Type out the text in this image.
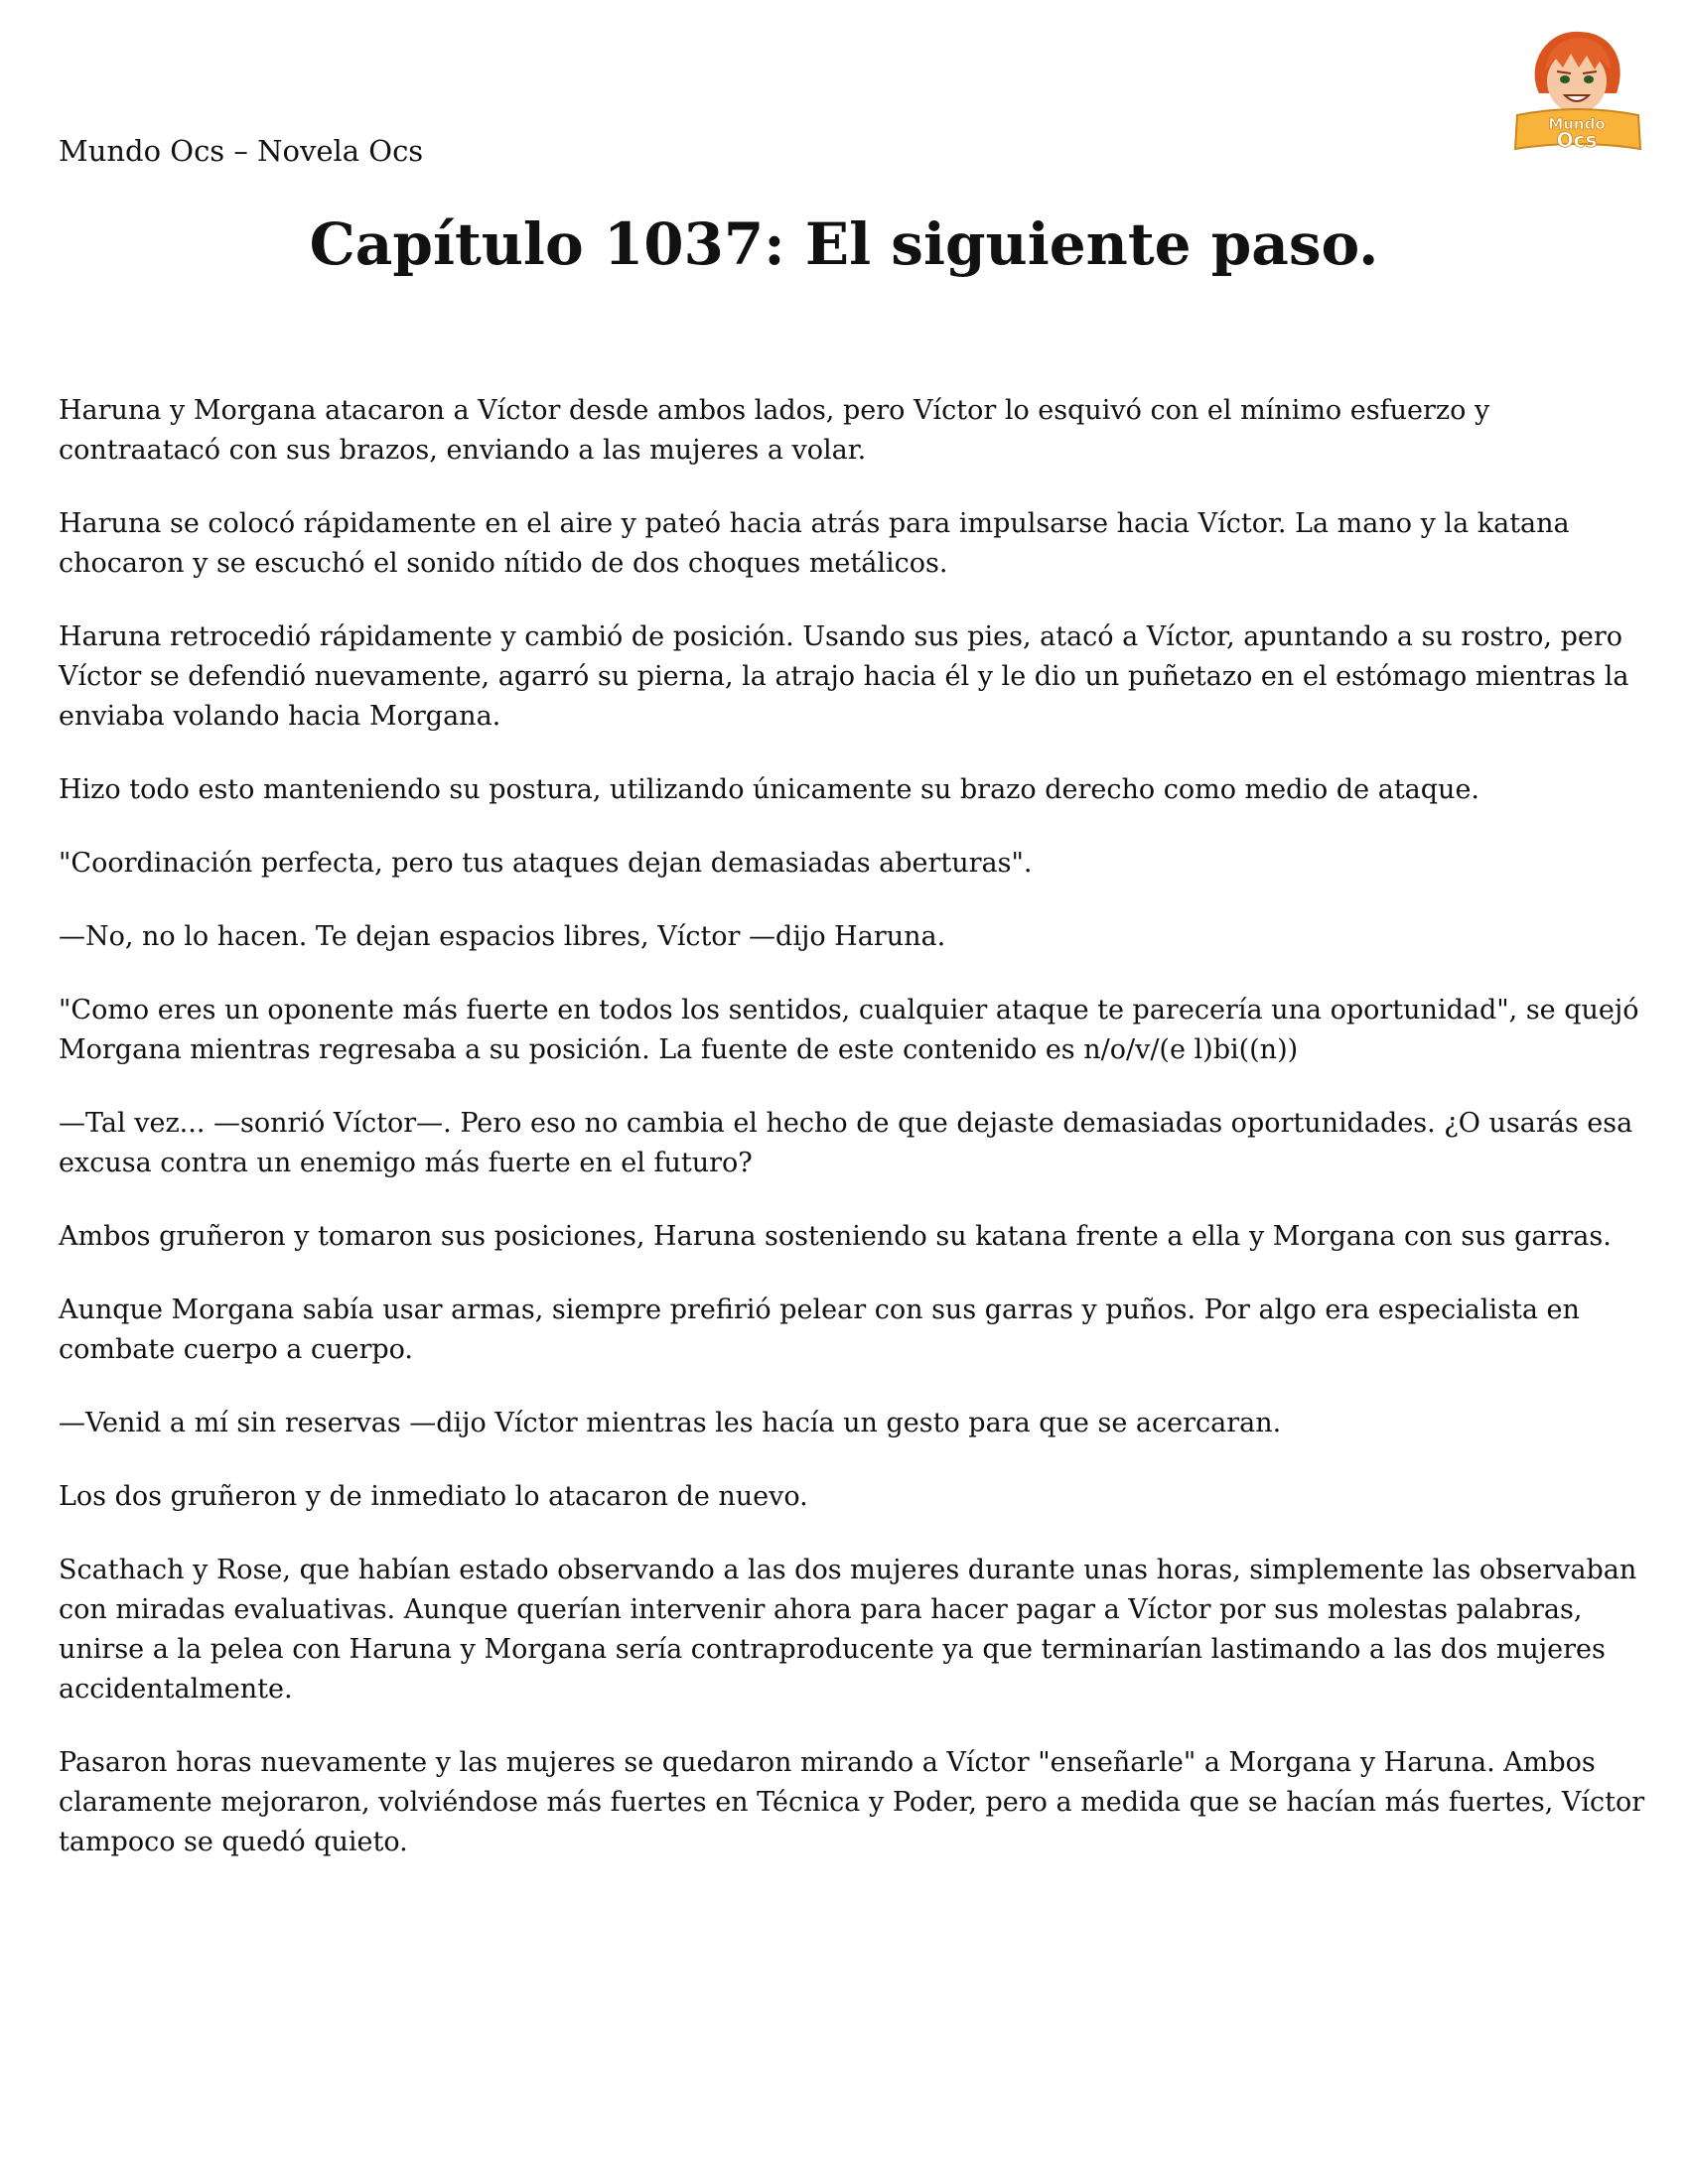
Mundo Ocs – Novela Ocs
Mundo
Ocs
Capítulo 1037: El siguiente paso.

Haruna y Morgana atacaron a Víctor desde ambos lados, pero Víctor lo esquivó con el mínimo esfuerzo y contraatacó con sus brazos, enviando a las mujeres a volar.

Haruna se colocó rápidamente en el aire y pateó hacia atrás para impulsarse hacia Víctor. La mano y la katana chocaron y se escuchó el sonido nítido de dos choques metálicos.

Haruna retrocedió rápidamente y cambió de posición. Usando sus pies, atacó a Víctor, apuntando a su rostro, pero Víctor se defendió nuevamente, agarró su pierna, la atrajo hacia él y le dio un puñetazo en el estómago mientras la enviaba volando hacia Morgana.

Hizo todo esto manteniendo su postura, utilizando únicamente su brazo derecho como medio de ataque.

"Coordinación perfecta, pero tus ataques dejan demasiadas aberturas".

—No, no lo hacen. Te dejan espacios libres, Víctor —dijo Haruna.

"Como eres un oponente más fuerte en todos los sentidos, cualquier ataque te parecería una oportunidad", se quejó Morgana mientras regresaba a su posición. La fuente de este contenido es n/o/v/(e l)bi((n))

—Tal vez... —sonrió Víctor—. Pero eso no cambia el hecho de que dejaste demasiadas oportunidades. ¿O usarás esa excusa contra un enemigo más fuerte en el futuro?

Ambos gruñeron y tomaron sus posiciones, Haruna sosteniendo su katana frente a ella y Morgana con sus garras.

Aunque Morgana sabía usar armas, siempre prefirió pelear con sus garras y puños. Por algo era especialista en combate cuerpo a cuerpo.

—Venid a mí sin reservas —dijo Víctor mientras les hacía un gesto para que se acercaran.

Los dos gruñeron y de inmediato lo atacaron de nuevo.

Scathach y Rose, que habían estado observando a las dos mujeres durante unas horas, simplemente las observaban con miradas evaluativas. Aunque querían intervenir ahora para hacer pagar a Víctor por sus molestas palabras, unirse a la pelea con Haruna y Morgana sería contraproducente ya que terminarían lastimando a las dos mujeres accidentalmente.

Pasaron horas nuevamente y las mujeres se quedaron mirando a Víctor "enseñarle" a Morgana y Haruna. Ambos claramente mejoraron, volviéndose más fuertes en Técnica y Poder, pero a medida que se hacían más fuertes, Víctor tampoco se quedó quieto.
